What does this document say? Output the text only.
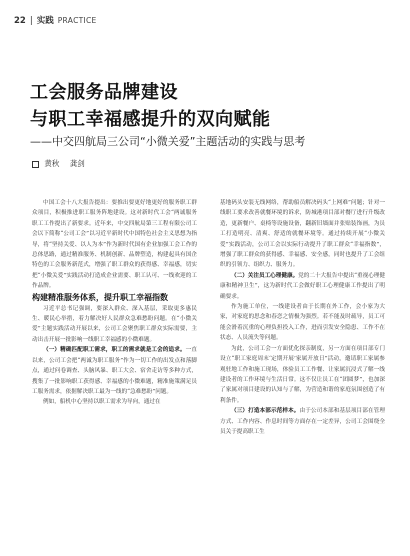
22 | 实践 PRACTICE
工会服务品牌建设
与职工幸福感提升的双向赋能
——中交四航局三公司“小微关爱”主题活动的实践与思考
黄秋 龚剑

中国工会十八大报告提出：要推出要更好地更好的服务职工群众项目，积极推进职工服务阵地建设。这对新时代工会“两诚服务职工工作提出了新要求。近年来，中交四航局第三工程有限公司工会以下简称“公司工会”以习近平新时代中国特色社会主义思想为指导，将“坚持关爱、以人为本”作为新时代国有企业加强工会工作的总体思路，通过精准服务、机制创新、品牌塑造，构建起具有国企特色的工会服务新范式，增强了职工群众的获得感、幸福感，切实把“小微关爱”实践活动打造成企业需要、职工认可、一线欢迎的工作品牌。

构建精准服务体系，提升职工幸福指数

习近平总书记强调，要深入群众、深入基层，采取更多惠民生、暖民心举措，着力解决好人民群众急难愁盼问题。在“小微关爱”主题实践活动开展以来，公司工会聚焦职工群众实际需要，主动出击开展一批影响一线职工幸福感的小微难题。

（一）精确匹配职工需求，职工的需求就是工会的追求。一直以来，公司工会把“两诚为职工服务”作为一切工作的出发点和落脚点，通过问卷调查、头脑风暴、职工大会、宿舍走访等多种方式，搜集了一批影响职工获得感、幸福感的小微难题，精准施策满足员工服务需求，依据解决职工最为一线的“急难愁盼”问题。

例如，船机中心坚持以职工需求为导向，通过在

基地码头安装无线网络，帮助船员解决码头“上网难”问题；针对一线职工要求改善就餐环境的诉求，防城港项目部对餐厅进行升级改造，更新餐户、桌椅等设施设备，翻新旧墙面并张贴装饰画，为员工打造明亮、清爽、舒适的就餐环境等。通过持续开展“小微关爱”实践活动，公司工会以实际行动提升了职工群众“幸福指数”，增强了职工群众的获得感、幸福感、安全感，同时也提升了工会组织的引领力、组织力、服务力。

（二）关注员工心理健康。党的二十大报告中提出“重视心理健康和精神卫生”，这为新时代工会做好职工心理健康工作提出了明确要求。

作为施工单位，一线建设者由于长期在外工作，会小家为大家，对家庭的思念和春恋之情极为强烈。若不能及时疏导，员工可能会滑着沉重的心理负担投入工作，进而引发安全隐患、工作不在状态、人员流失等问题。

为此，公司工会一方面优化探亲制度，另一方面在项目部专门设立“职工家庭周末‘定期开展’家属开放日”活动，邀请职工家属参观驻地工作和施工现场，体验员工工作餐、让家属沉浸式了解一线建设者的工作环境与生活日常。这不仅让员工在“团圆梦”，也加深了家属对项目建设的认知与了解，为营造和谐的家庭氛围创造了有利条件。

（三）打造本部示范样本。由于公司本部和基层项目部在管理方式、工作内容、作息时间等方面存在一定差异，公司工会围绕全员关于提高职工生
